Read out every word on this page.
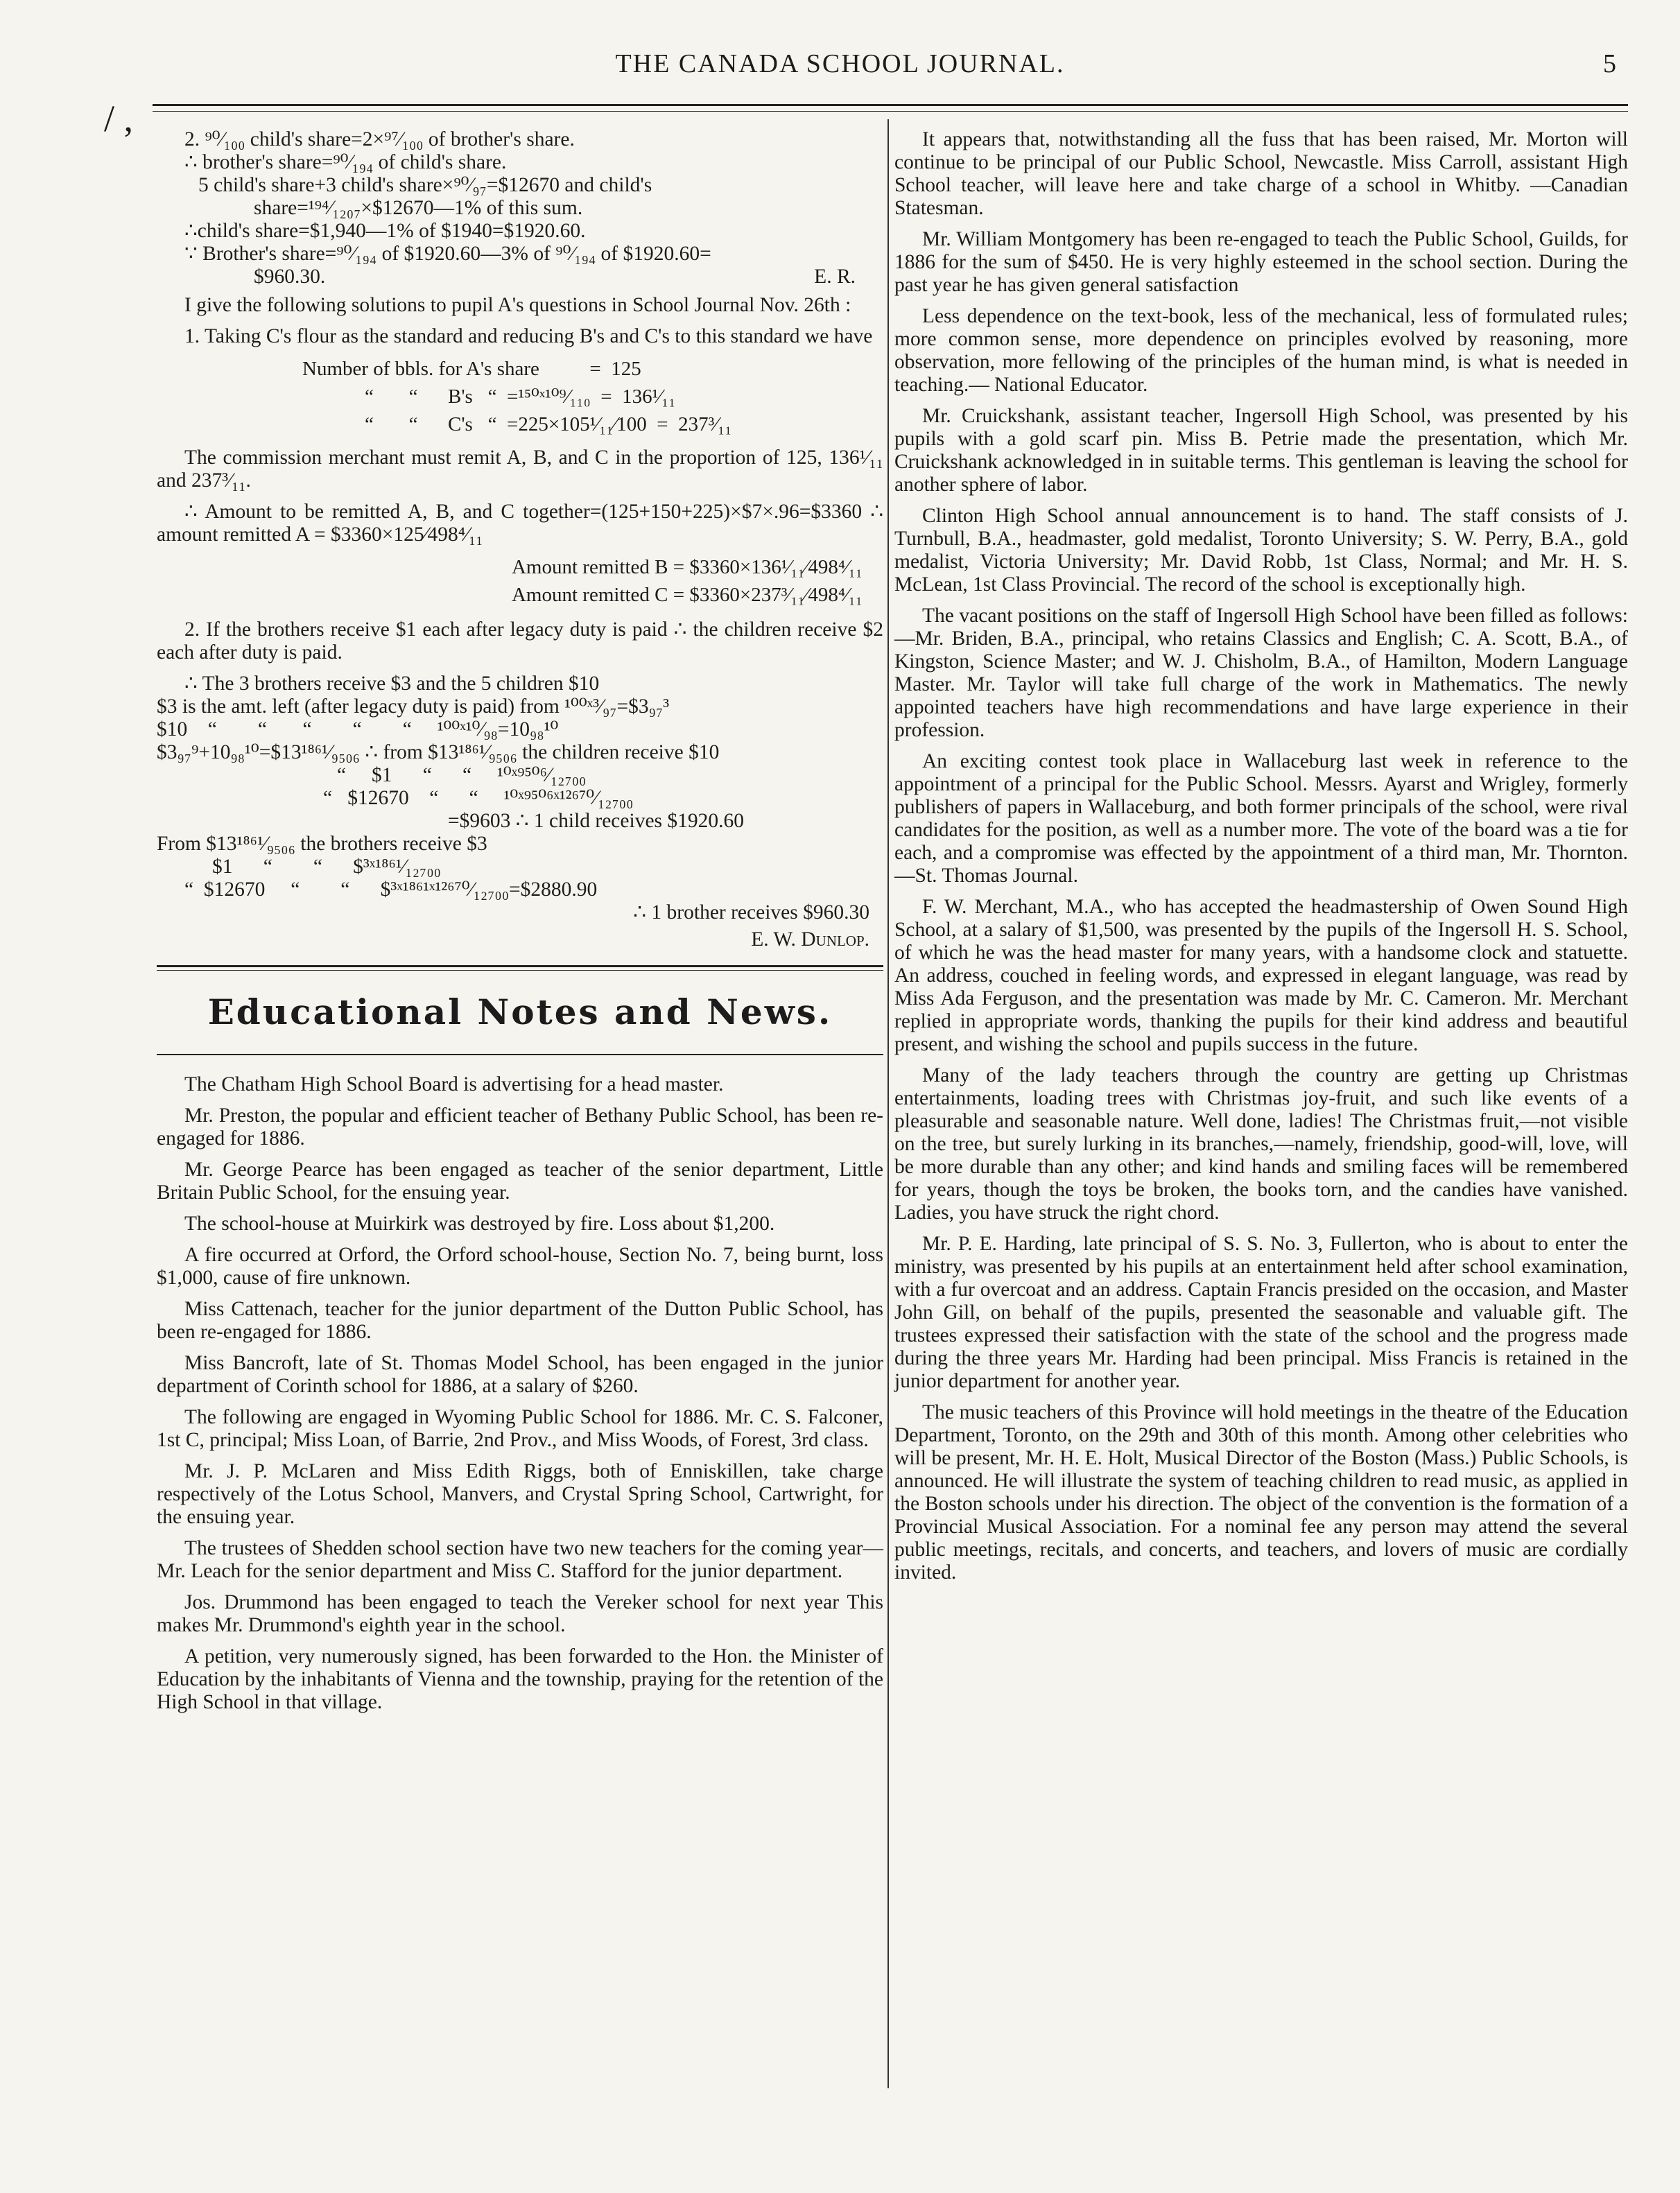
THE CANADA SCHOOL JOURNAL.	5
/ ,	2. ⁹⁰⁄₁₀₀ child's share=2×⁹⁷⁄₁₀₀ of brother's share.
∴ brother's share=⁹⁰⁄₁₉₄ of child's share.
5 child's share+3 child's share×⁹⁰⁄₉₇=$12670 and child's
share=¹⁹⁴⁄₁₂₀₇×$12670—1% of this sum.
∴child's share=$1,940—1% of $1940=$1920.60.
∵ Brother's share=⁹⁰⁄₁₉₄ of $1920.60—3% of ⁹⁰⁄₁₉₄ of $1920.60=
$960.30.	E. R.

I give the following solutions to pupil A's questions in School Journal Nov. 26th :

1. Taking C's flour as the standard and reducing B's and C's to this standard we have

Number of bbls. for A's share          =  125
“       “      B's   “  =¹⁵⁰ˣ¹⁰⁹⁄₁₁₀  =  136¹⁄₁₁
“       “      C's   “  =225×105¹⁄₁₁⁄100  =  237³⁄₁₁

The commission merchant must remit A, B, and C in the proportion of 125, 136¹⁄₁₁ and 237³⁄₁₁.

∴ Amount to be remitted A, B, and C together=(125+150+225)×$7×.96=$3360 ∴ amount remitted A = $3360×125⁄498⁴⁄₁₁

Amount remitted B = $3360×136¹⁄₁₁⁄498⁴⁄₁₁
Amount remitted C = $3360×237³⁄₁₁⁄498⁴⁄₁₁

2. If the brothers receive $1 each after legacy duty is paid ∴ the children receive $2 each after duty is paid.

∴ The 3 brothers receive $3 and the 5 children $10
$3 is the amt. left (after legacy duty is paid) from ¹⁰⁰ˣ³⁄₉₇=$3₉₇³
$10    “        “       “        “        “     ¹⁰⁰ˣ¹⁰⁄₉₈=10₉₈¹⁰
$3₉₇⁹+10₉₈¹⁰=$13¹⁸⁶¹⁄₉₅₀₆ ∴ from $13¹⁸⁶¹⁄₉₅₀₆ the children receive $10
“     $1      “      “     ¹⁰ˣ⁹⁵⁰⁶⁄₁₂₇₀₀
“   $12670    “      “     ¹⁰ˣ⁹⁵⁰⁶ˣ¹²⁶⁷⁰⁄₁₂₇₀₀
=$9603 ∴ 1 child receives $1920.60
From $13¹⁸⁶¹⁄₉₅₀₆ the brothers receive $3
$1      “        “      $³ˣ¹⁸⁶¹⁄₁₂₇₀₀
“  $12670     “        “      $³ˣ¹⁸⁶¹ˣ¹²⁶⁷⁰⁄₁₂₇₀₀=$2880.90
∴ 1 brother receives $960.30
E. W. Dunlop.
Educational Notes and News.

The Chatham High School Board is advertising for a head master.

Mr. Preston, the popular and efficient teacher of Bethany Public School, has been re-engaged for 1886.

Mr. George Pearce has been engaged as teacher of the senior department, Little Britain Public School, for the ensuing year.

The school-house at Muirkirk was destroyed by fire. Loss about $1,200.

A fire occurred at Orford, the Orford school-house, Section No. 7, being burnt, loss $1,000, cause of fire unknown.

Miss Cattenach, teacher for the junior department of the Dutton Public School, has been re-engaged for 1886.

Miss Bancroft, late of St. Thomas Model School, has been engaged in the junior department of Corinth school for 1886, at a salary of $260.

The following are engaged in Wyoming Public School for 1886. Mr. C. S. Falconer, 1st C, principal; Miss Loan, of Barrie, 2nd Prov., and Miss Woods, of Forest, 3rd class.

Mr. J. P. McLaren and Miss Edith Riggs, both of Enniskillen, take charge respectively of the Lotus School, Manvers, and Crystal Spring School, Cartwright, for the ensuing year.

The trustees of Shedden school section have two new teachers for the coming year—Mr. Leach for the senior department and Miss C. Stafford for the junior department.

Jos. Drummond has been engaged to teach the Vereker school for next year This makes Mr. Drummond's eighth year in the school.

A petition, very numerously signed, has been forwarded to the Hon. the Minister of Education by the inhabitants of Vienna and the township, praying for the retention of the High School in that village.

It appears that, notwithstanding all the fuss that has been raised, Mr. Morton will continue to be principal of our Public School, Newcastle. Miss Carroll, assistant High School teacher, will leave here and take charge of a school in Whitby. —Canadian Statesman.

Mr. William Montgomery has been re-engaged to teach the Public School, Guilds, for 1886 for the sum of $450. He is very highly esteemed in the school section. During the past year he has given general satisfaction

Less dependence on the text-book, less of the mechanical, less of formulated rules; more common sense, more dependence on principles evolved by reasoning, more observation, more fellowing of the principles of the human mind, is what is needed in teaching.— National Educator.

Mr. Cruickshank, assistant teacher, Ingersoll High School, was presented by his pupils with a gold scarf pin. Miss B. Petrie made the presentation, which Mr. Cruickshank acknowledged in in suitable terms. This gentleman is leaving the school for another sphere of labor.

Clinton High School annual announcement is to hand. The staff consists of J. Turnbull, B.A., headmaster, gold medalist, Toronto University; S. W. Perry, B.A., gold medalist, Victoria University; Mr. David Robb, 1st Class, Normal; and Mr. H. S. McLean, 1st Class Provincial. The record of the school is exceptionally high.

The vacant positions on the staff of Ingersoll High School have been filled as follows:—Mr. Briden, B.A., principal, who retains Classics and English; C. A. Scott, B.A., of Kingston, Science Master; and W. J. Chisholm, B.A., of Hamilton, Modern Language Master. Mr. Taylor will take full charge of the work in Mathematics. The newly appointed teachers have high recommendations and have large experience in their profession.

An exciting contest took place in Wallaceburg last week in reference to the appointment of a principal for the Public School. Messrs. Ayarst and Wrigley, formerly publishers of papers in Wallaceburg, and both former principals of the school, were rival candidates for the position, as well as a number more. The vote of the board was a tie for each, and a compromise was effected by the appointment of a third man, Mr. Thornton. —St. Thomas Journal.

F. W. Merchant, M.A., who has accepted the headmastership of Owen Sound High School, at a salary of $1,500, was presented by the pupils of the Ingersoll H. S. School, of which he was the head master for many years, with a handsome clock and statuette. An address, couched in feeling words, and expressed in elegant language, was read by Miss Ada Ferguson, and the presentation was made by Mr. C. Cameron. Mr. Merchant replied in appropriate words, thanking the pupils for their kind address and beautiful present, and wishing the school and pupils success in the future.

Many of the lady teachers through the country are getting up Christmas entertainments, loading trees with Christmas joy-fruit, and such like events of a pleasurable and seasonable nature. Well done, ladies! The Christmas fruit,—not visible on the tree, but surely lurking in its branches,—namely, friendship, good-will, love, will be more durable than any other; and kind hands and smiling faces will be remembered for years, though the toys be broken, the books torn, and the candies have vanished. Ladies, you have struck the right chord.

Mr. P. E. Harding, late principal of S. S. No. 3, Fullerton, who is about to enter the ministry, was presented by his pupils at an entertainment held after school examination, with a fur overcoat and an address. Captain Francis presided on the occasion, and Master John Gill, on behalf of the pupils, presented the seasonable and valuable gift. The trustees expressed their satisfaction with the state of the school and the progress made during the three years Mr. Harding had been principal. Miss Francis is retained in the junior department for another year.

The music teachers of this Province will hold meetings in the theatre of the Education Department, Toronto, on the 29th and 30th of this month. Among other celebrities who will be present, Mr. H. E. Holt, Musical Director of the Boston (Mass.) Public Schools, is announced. He will illustrate the system of teaching children to read music, as applied in the Boston schools under his direction. The object of the convention is the formation of a Provincial Musical Association. For a nominal fee any person may attend the several public meetings, recitals, and concerts, and teachers, and lovers of music are cordially invited.
